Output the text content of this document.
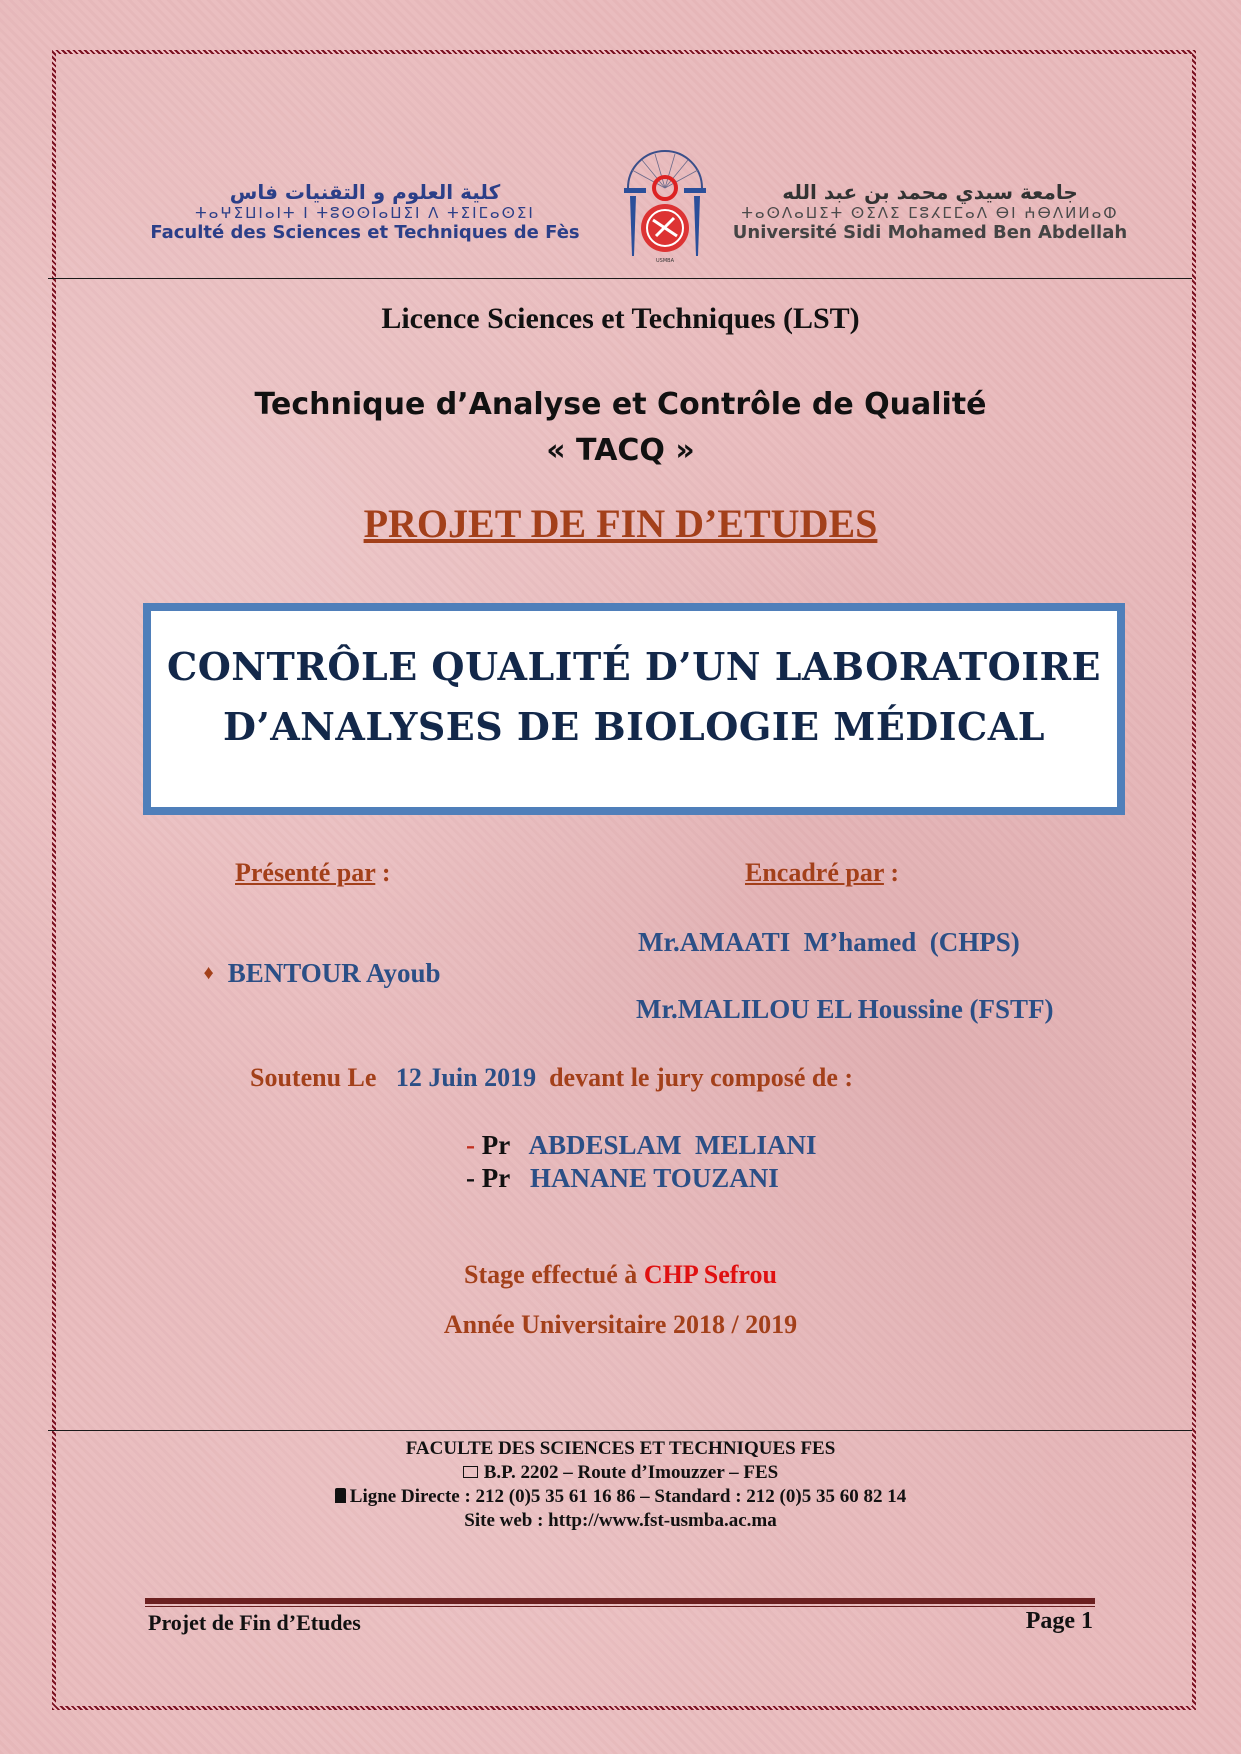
كلية العلوم و التقنيات فاس
ⵜⴰⵖⵉⵡⵏⴰⵏⵜ ⵏ ⵜⵓⵙⵙⵏⴰⵡⵉⵏ ⴷ ⵜⵉⵏⵎⴰⵙⵉⵏ
Faculté des Sciences et Techniques de Fès
USMBA
جامعة سيدي محمد بن عبد الله
ⵜⴰⵙⴷⴰⵡⵉⵜ ⵙⵉⴷⵉ ⵎⵓⵃⵎⵎⴰⴷ ⴱⵏ ⵄⴱⴷⵍⵍⴰⵀ
Université Sidi Mohamed Ben Abdellah
Licence Sciences et Techniques (LST)
Technique d’Analyse et Contrôle de Qualité
« TACQ »
PROJET DE FIN D’ETUDES
CONTRÔLE QUALITÉ D’UN LABORATOIRE
D’ANALYSES DE BIOLOGIE MÉDICAL
Présenté par :	Encadré par :

♦ BENTOUR Ayoub

Mr.AMAATI  M’hamed  (CHPS)
Mr.MALILOU EL Houssine (FSTF)
Soutenu Le   12 Juin 2019  devant le jury composé de :
- Pr ABDESLAM  MELIANI
- Pr HANANE TOUZANI
Stage effectué à CHP Sefrou
Année Universitaire 2018 / 2019
FACULTE DES SCIENCES ET TECHNIQUES FES
B.P. 2202 – Route d’Imouzzer – FES
Ligne Directe : 212 (0)5 35 61 16 86 – Standard : 212 (0)5 35 60 82 14
Site web : http://www.fst-usmba.ac.ma
Projet de Fin d’Etudes	Page 1
